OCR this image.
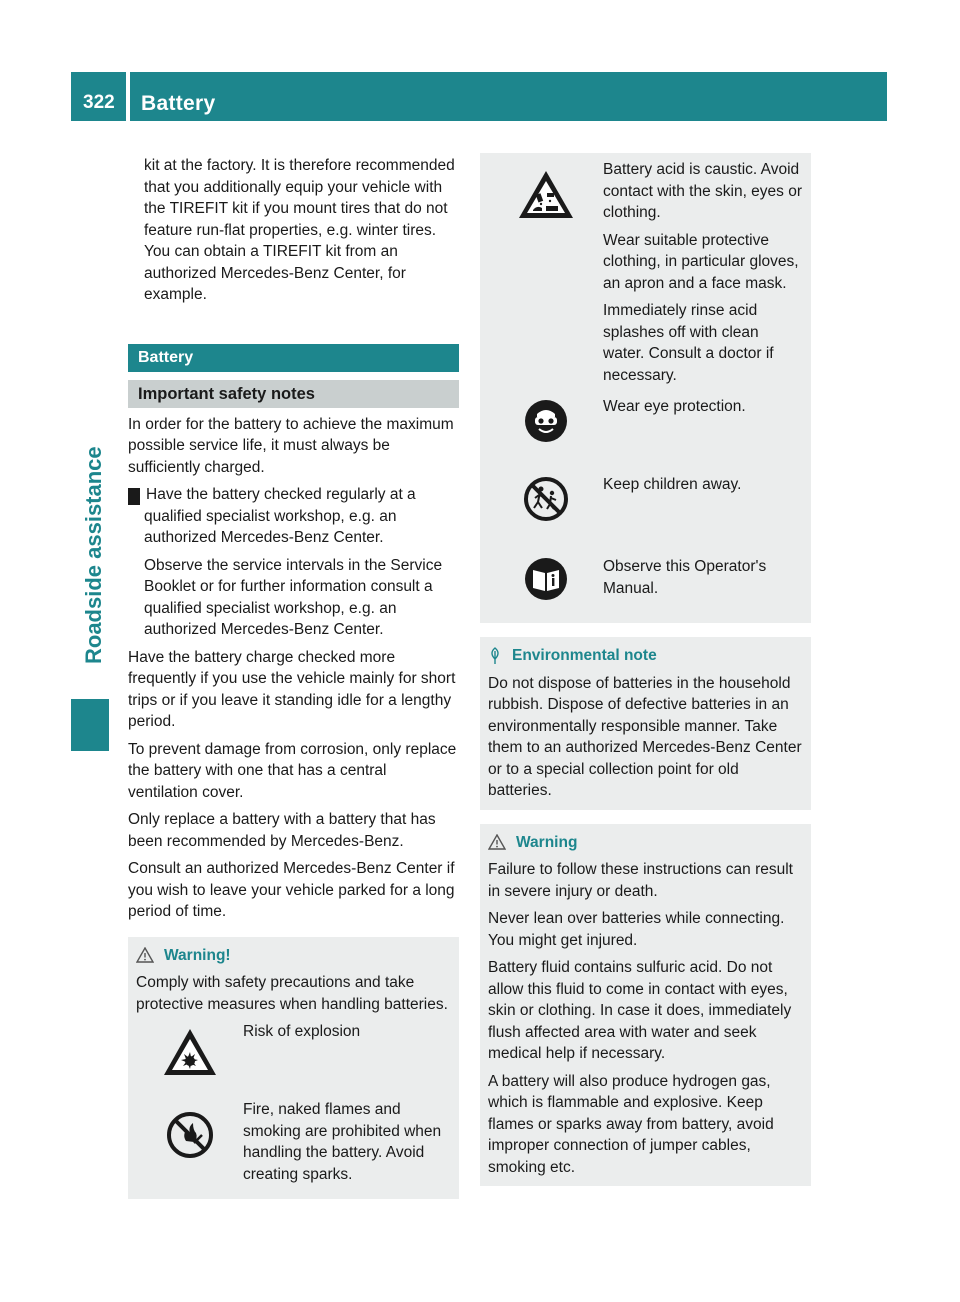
322 Battery
Roadside assistance

kit at the factory. It is therefore recommended that you additionally equip your vehicle with the TIREFIT kit if you mount tires that do not feature run-flat properties, e.g. winter tires. You can obtain a TIREFIT kit from an authorized Mercedes-Benz Center, for example.

Battery
Important safety notes

In order for the battery to achieve the maximum possible service life, it must always be sufficiently charged.

! Have the battery checked regularly at a qualified specialist workshop, e.g. an authorized Mercedes-Benz Center.

Observe the service intervals in the Service Booklet or for further information consult a qualified specialist workshop, e.g. an authorized Mercedes-Benz Center.

Have the battery charge checked more frequently if you use the vehicle mainly for short trips or if you leave it standing idle for a lengthy period.

To prevent damage from corrosion, only replace the battery with one that has a central ventilation cover.

Only replace a battery with a battery that has been recommended by Mercedes-Benz.

Consult an authorized Mercedes-Benz Center if you wish to leave your vehicle parked for a long period of time.

Warning!

Comply with safety precautions and take protective measures when handling batteries.

Risk of explosion
Fire, naked flames and smoking are prohibited when handling the battery. Avoid creating sparks.

Battery acid is caustic. Avoid contact with the skin, eyes or clothing.

Wear suitable protective clothing, in particular gloves, an apron and a face mask.

Immediately rinse acid splashes off with clean water. Consult a doctor if necessary.

Wear eye protection.
Keep children away.
Observe this Operator's Manual.
Environmental note

Do not dispose of batteries in the household rubbish. Dispose of defective batteries in an environmentally responsible manner. Take them to an authorized Mercedes-Benz Center or to a special collection point for old batteries.

Warning

Failure to follow these instructions can result in severe injury or death.

Never lean over batteries while connecting. You might get injured.

Battery fluid contains sulfuric acid. Do not allow this fluid to come in contact with eyes, skin or clothing. In case it does, immediately flush affected area with water and seek medical help if necessary.

A battery will also produce hydrogen gas, which is flammable and explosive. Keep flames or sparks away from battery, avoid improper connection of jumper cables, smoking etc.
